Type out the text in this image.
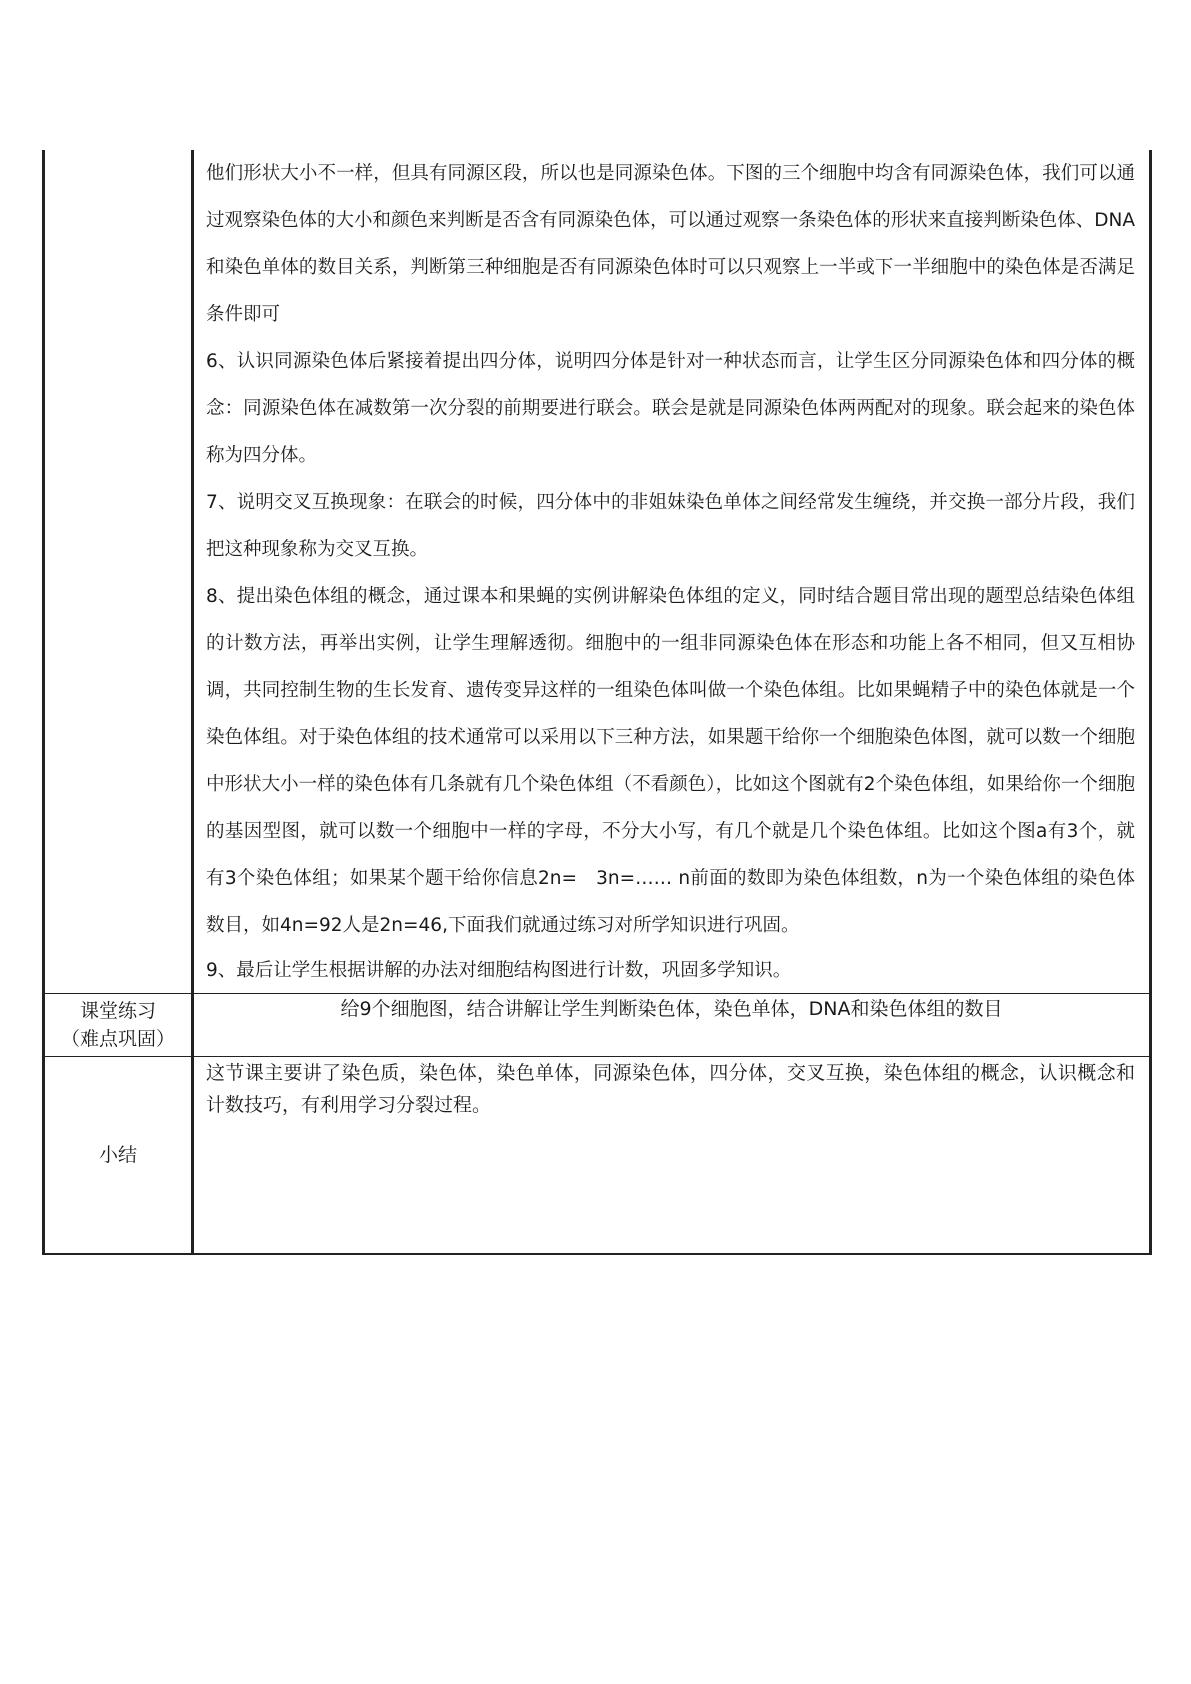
	他们形状大小不一样，但具有同源区段，所以也是同源染色体。下图的三个细胞中均含有同源染色体，我们可以通过观察染色体的大小和颜色来判断是否含有同源染色体，可以通过观察一条染色体的形状来直接判断染色体、DNA和染色单体的数目关系，判断第三种细胞是否有同源染色体时可以只观察上一半或下一半细胞中的染色体是否满足条件即可

6、认识同源染色体后紧接着提出四分体，说明四分体是针对一种状态而言，让学生区分同源染色体和四分体的概念：同源染色体在减数第一次分裂的前期要进行联会。联会是就是同源染色体两两配对的现象。联会起来的染色体称为四分体。

7、说明交叉互换现象：在联会的时候，四分体中的非姐妹染色单体之间经常发生缠绕，并交换一部分片段，我们把这种现象称为交叉互换。

8、提出染色体组的概念，通过课本和果蝇的实例讲解染色体组的定义，同时结合题目常出现的题型总结染色体组的计数方法，再举出实例，让学生理解透彻。细胞中的一组非同源染色体在形态和功能上各不相同，但又互相协调，共同控制生物的生长发育、遗传变异这样的一组染色体叫做一个染色体组。比如果蝇精子中的染色体就是一个染色体组。对于染色体组的技术通常可以采用以下三种方法，如果题干给你一个细胞染色体图，就可以数一个细胞中形状大小一样的染色体有几条就有几个染色体组（不看颜色），比如这个图就有2个染色体组，如果给你一个细胞的基因型图，就可以数一个细胞中一样的字母，不分大小写，有几个就是几个染色体组。比如这个图a有3个，就有3个染色体组；如果某个题干给你信息2n=　3n=…… n前面的数即为染色体组数，n为一个染色体组的染色体数目，如4n=92人是2n=46,下面我们就通过练习对所学知识进行巩固。

9、最后让学生根据讲解的办法对细胞结构图进行计数，巩固多学知识。

课堂练习
（难点巩固）	给9个细胞图，结合讲解让学生判断染色体，染色单体，DNA和染色体组的数目

小结	这节课主要讲了染色质，染色体，染色单体，同源染色体，四分体，交叉互换，染色体组的概念，认识概念和计数技巧，有利用学习分裂过程。
